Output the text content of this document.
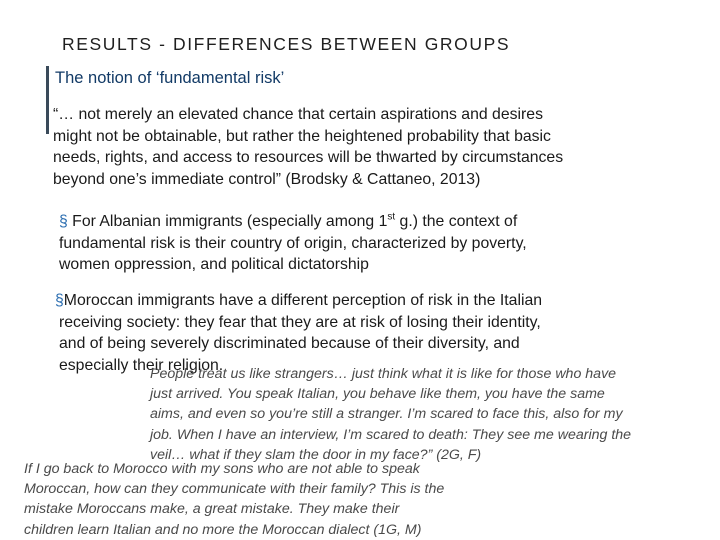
RESULTS - DIFFERENCES BETWEEN GROUPS
The notion of ‘fundamental risk’
“… not merely an elevated chance that certain aspirations and desires
might not be obtainable, but rather the heightened probability that basic
needs, rights, and access to resources will be thwarted by circumstances
beyond one’s immediate control” (Brodsky & Cattaneo, 2013)
§ For Albanian immigrants (especially among 1st g.) the context of
fundamental risk is their country of origin, characterized by poverty,
women oppression, and political dictatorship
§Moroccan immigrants have a different perception of risk in the Italian
receiving society: they fear that they are at risk of losing their identity,
and of being severely discriminated because of their diversity, and
especially their religion.
People treat us like strangers… just think what it is like for those who have
just arrived. You speak Italian, you behave like them, you have the same
aims, and even so you’re still a stranger. I’m scared to face this, also for my
job. When I have an interview, I’m scared to death: They see me wearing the
veil… what if they slam the door in my face?” (2G, F)
If I go back to Morocco with my sons who are not able to speak
Moroccan, how can they communicate with their family? This is the
mistake Moroccans make, a great mistake. They make their
children learn Italian and no more the Moroccan dialect (1G, M)
